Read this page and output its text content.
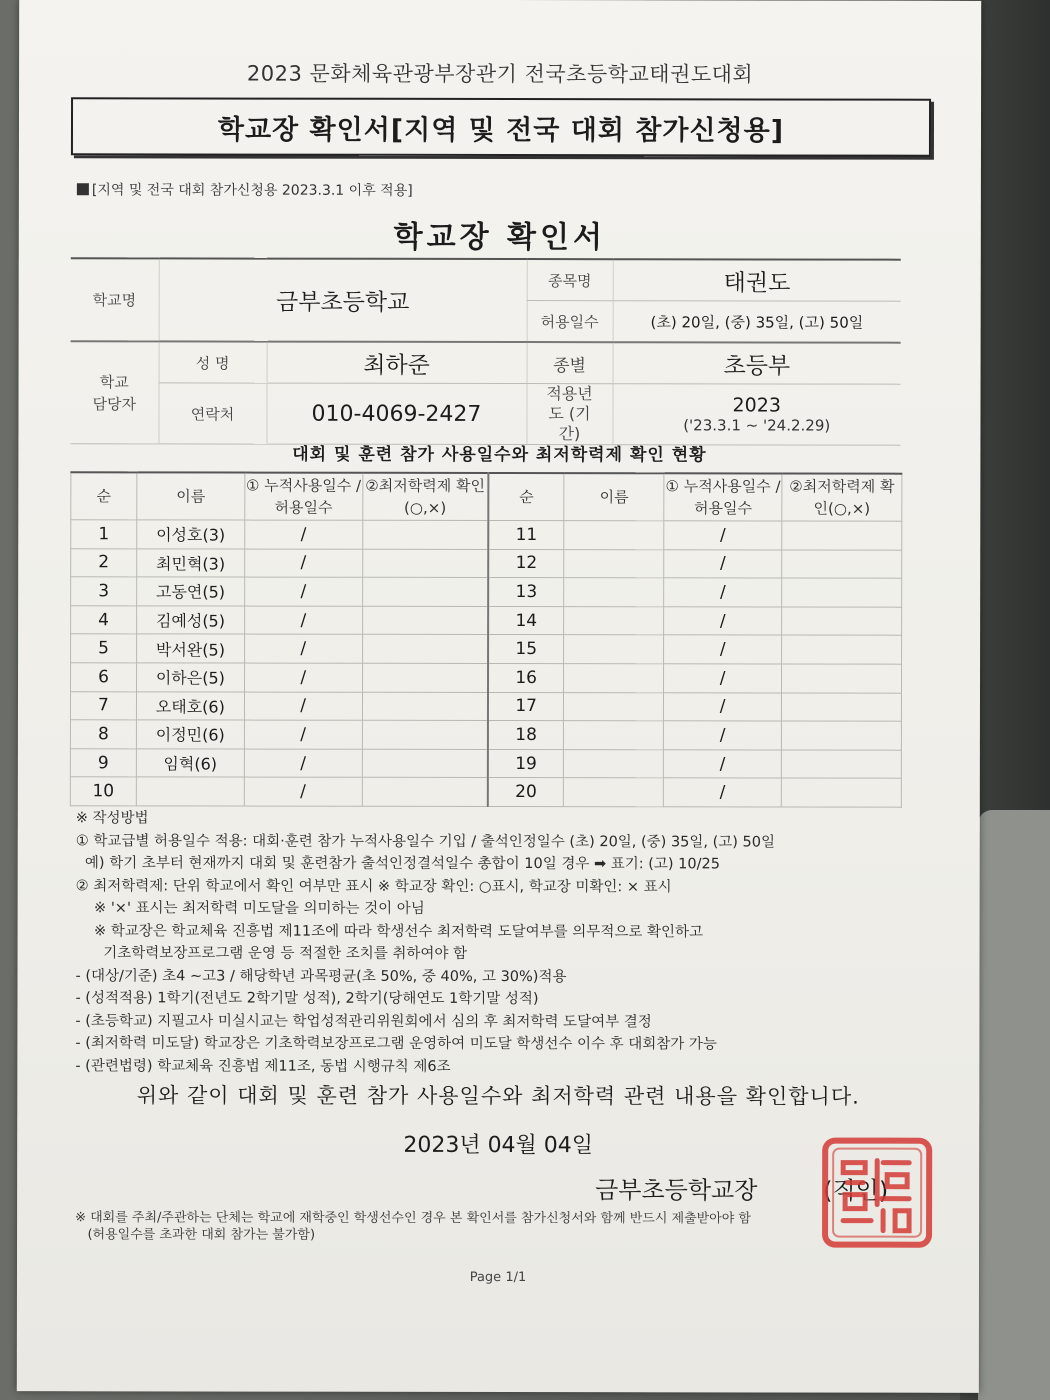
2023 문화체육관광부장관기 전국초등학교태권도대회
학교장 확인서[지역 및 전국 대회 참가신청용]
[지역 및 전국 대회 참가신청용 2023.3.1 이후 적용]
학교장 확인서
학교명	금부초등학교		종목명	태권도
			허용일수	(초) 20일, (중) 35일, (고) 50일
학교 담당자	성 명	최하준	종별	초등부
	연락처	010-4069-2427	적용년도 (기간)	2023
('23.3.1 ~ '24.2.29)
대회 및 훈련 참가 사용일수와 최저학력제 확인 현황
순	이름	① 누적사용일수 /허용일수	②최저학력제 확인(○,×)	순	이름	① 누적사용일수 /허용일수	②최저학력제 확인(○,×)
1	이성호(3)	/		11		/	
2	최민혁(3)	/		12		/	
3	고동연(5)	/		13		/	
4	김예성(5)	/		14		/	
5	박서완(5)	/		15		/	
6	이하은(5)	/		16		/	
7	오태호(6)	/		17		/	
8	이정민(6)	/		18		/	
9	임혁(6)	/		19		/	
10		/		20		/	
※ 작성방법
① 학교급별 허용일수 적용: 대회·훈련 참가 누적사용일수 기입 / 출석인정일수 (초) 20일, (중) 35일, (고) 50일
예) 학기 초부터 현재까지 대회 및 훈련참가 출석인정결석일수 총합이 10일 경우 ➡ 표기: (고) 10/25
② 최저학력제: 단위 학교에서 확인 여부만 표시 ※ 학교장 확인: ○표시, 학교장 미확인: × 표시
※ '×' 표시는 최저학력 미도달을 의미하는 것이 아님
※ 학교장은 학교체육 진흥법 제11조에 따라 학생선수 최저학력 도달여부를 의무적으로 확인하고
기초학력보장프로그램 운영 등 적절한 조치를 취하여야 함
- (대상/기준) 초4 ~고3 / 해당학년 과목평균(초 50%, 중 40%, 고 30%)적용
- (성적적용) 1학기(전년도 2학기말 성적), 2학기(당해연도 1학기말 성적)
- (초등학교) 지필고사 미실시교는 학업성적관리위원회에서 심의 후 최저학력 도달여부 결정
- (최저학력 미도달) 학교장은 기초학력보장프로그램 운영하여 미도달 학생선수 이수 후 대회참가 가능
- (관련법령) 학교체육 진흥법 제11조, 동법 시행규칙 제6조
위와 같이 대회 및 훈련 참가 사용일수와 최저학력 관련 내용을 확인합니다.
2023년 04월 04일
금부초등학교장	(직인)
※ 대회를 주최/주관하는 단체는 학교에 재학중인 학생선수인 경우 본 확인서를 참가신청서와 함께 반드시 제출받아야 함
(허용일수를 초과한 대회 참가는 불가함)
Page 1/1
